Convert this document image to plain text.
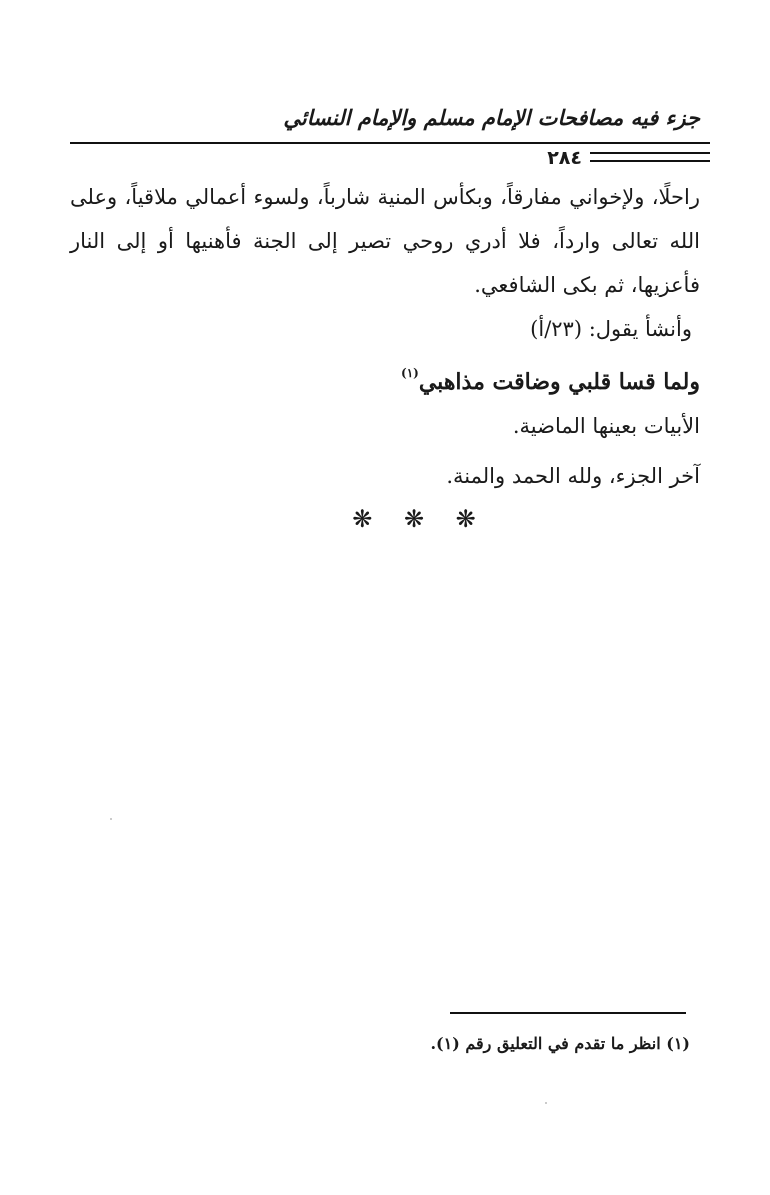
جزء فيه مصافحات الإمام مسلم والإمام النسائي
٢٨٤

راحلًا، ولإخواني مفارقاً، وبكأس المنية شارباً، ولسوء أعمالي ملاقياً، وعلى الله تعالى وارداً، فلا أدري روحي تصير إلى الجنة فأهنيها أو إلى النار فأعزيها، ثم بكى الشافعي.

وأنشأ يقول: (٢٣/أ)

ولما قسا قلبي وضاقت مذاهبي$^{(١)}$

الأبيات بعينها الماضية.

آخر الجزء، ولله الحمد والمنة.

❋ ❋ ❋
(١) انظر ما تقدم في التعليق رقم (١).
